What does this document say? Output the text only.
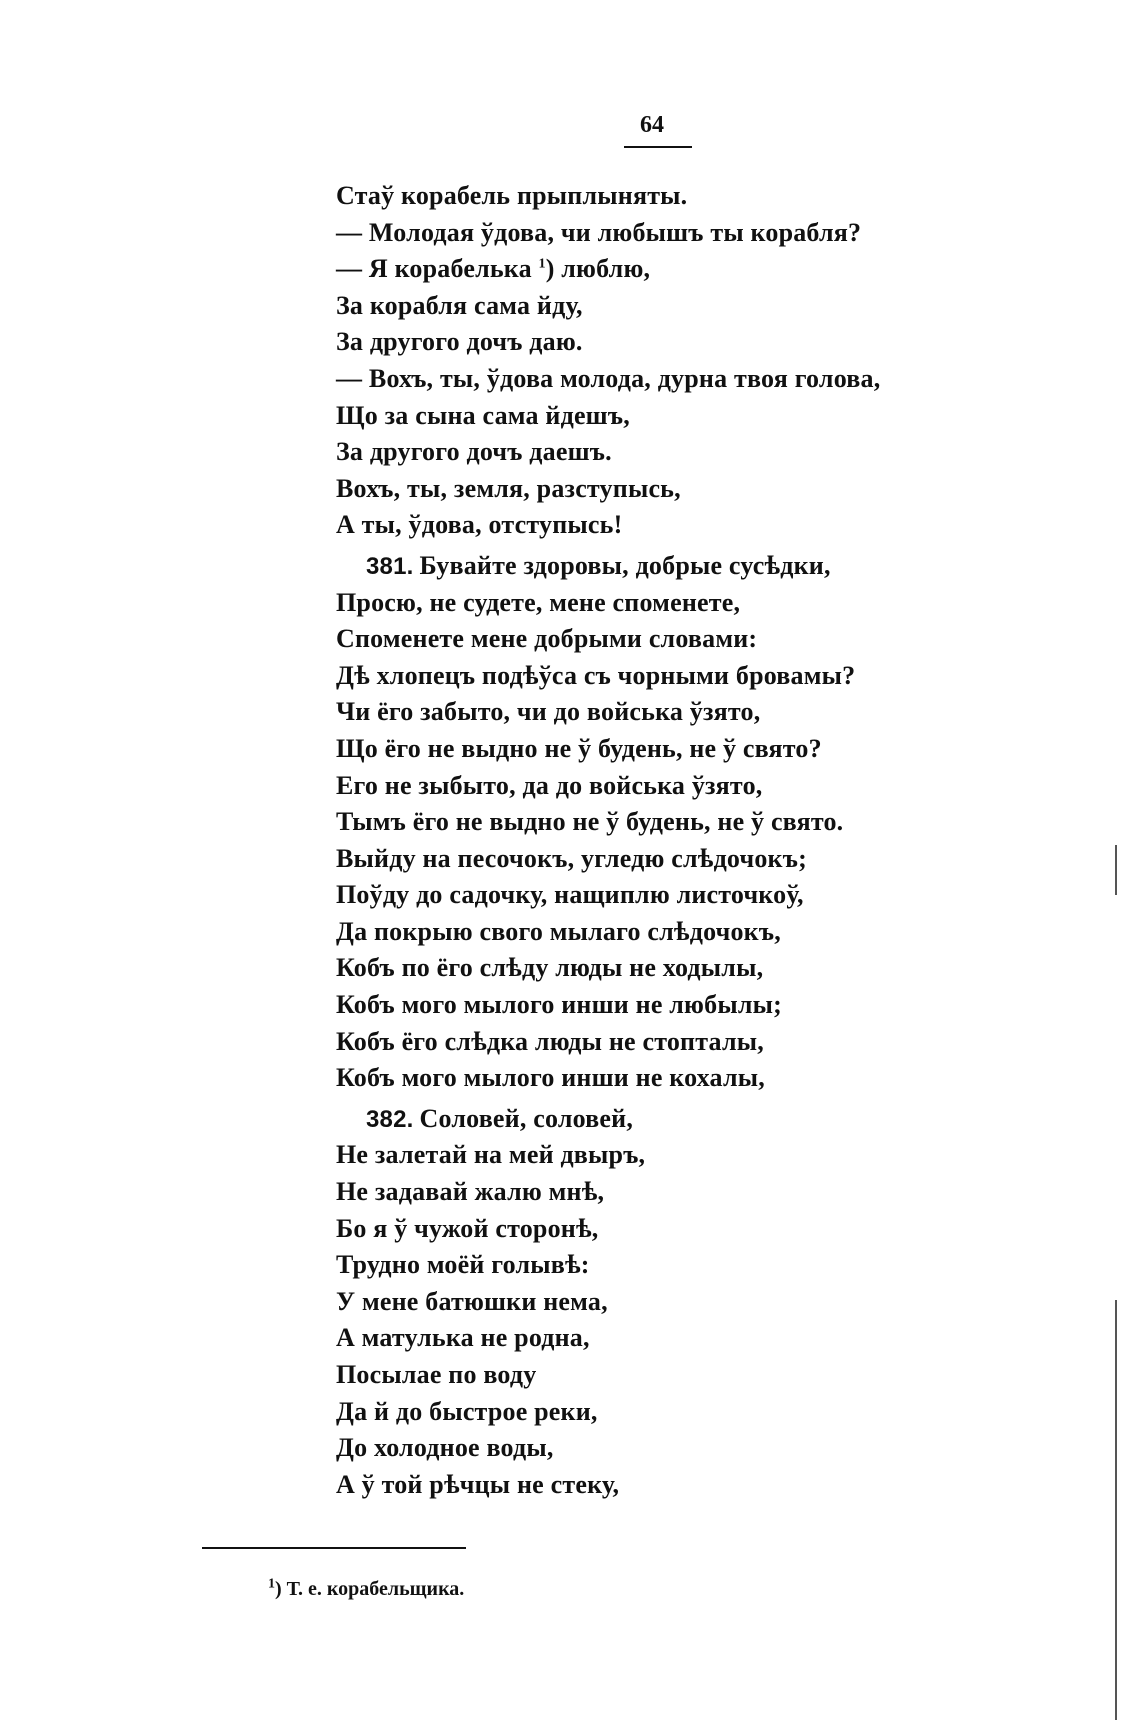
64
Стаў корабель прыплыняты.
— Молодая ўдова, чи любышъ ты корабля?
— Я корабелька $^1$) люблю,
За корабля сама йду,
За другого дочъ даю.
— Вохъ, ты, ўдова молода, дурна твоя голова,
Що за сына сама йдешъ,
За другого дочъ даешъ.
Вохъ, ты, земля, разступысь,
А ты, ўдова, отступысь!
381. Бувайте здоровы, добрые сусѣдки,
Просю, не судете, мене споменете,
Споменете мене добрыми словами:
Дѣ хлопецъ подѣўса съ чорными бровамы?
Чи ёго забыто, чи до войська ўзято,
Що ёго не выдно не ў будень, не ў свято?
Его не зыбыто, да до войська ўзято,
Тымъ ёго не выдно не ў будень, не ў свято.
Выйду на песочокъ, угледю слѣдочокъ;
Поўду до садочку, нащиплю листочкоў,
Да покрыю свого мылаго слѣдочокъ,
Кобъ по ёго слѣду люды не ходылы,
Кобъ мого мылого инши не любылы;
Кобъ ёго слѣдка люды не стопталы,
Кобъ мого мылого инши не кохалы,
382. Соловей, соловей,
Не залетай на мей двыръ,
Не задавай жалю мнѣ,
Бо я ў чужой сторонѣ,
Трудно моёй голывѣ:
У мене батюшки нема,
А матулька не родна,
Посылае по воду
Да й до быстрое реки,
До холодное воды,
А ў той рѣчцы не стеку,
$^1$) Т. е. корабельщика.
